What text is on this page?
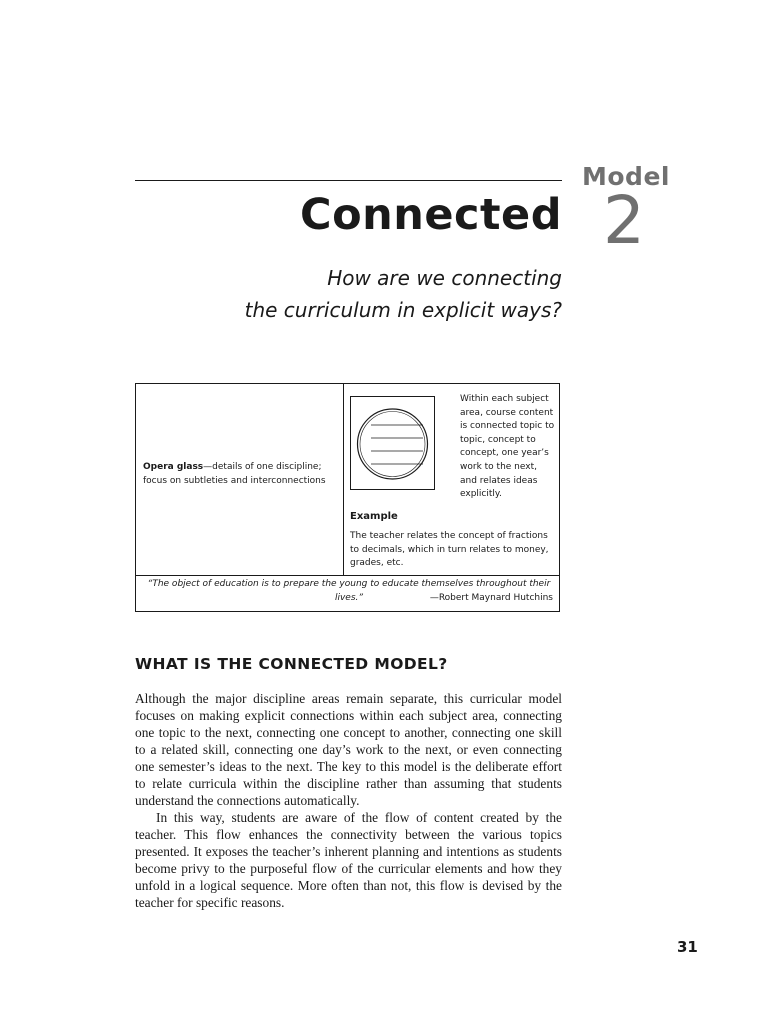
Model
2
Connected
How are we connecting
the curriculum in explicit ways?
Opera glass—details of one discipline; focus on subtleties and interconnections
Within each subject area, course content is connected topic to topic, concept to concept, one year’s work to the next, and relates ideas explicitly.
Example
The teacher relates the concept of fractions to decimals, which in turn relates to money, grades, etc.
“The object of education is to prepare the young to educate themselves throughout their lives.”	—Robert Maynard Hutchins
WHAT IS THE CONNECTED MODEL?

Although the major discipline areas remain separate, this curricular model focuses on making explicit connections within each subject area, connecting one topic to the next, connecting one concept to another, connecting one skill to a related skill, connecting one day’s work to the next, or even connecting one semester’s ideas to the next. The key to this model is the deliberate effort to relate curricula within the discipline rather than assuming that students understand the connections automatically.

In this way, students are aware of the flow of content created by the teacher. This flow enhances the connectivity between the various topics presented. It exposes the teacher’s inherent planning and intentions as students become privy to the purposeful flow of the curricular elements and how they unfold in a logical sequence. More often than not, this flow is devised by the teacher for specific reasons.

31
